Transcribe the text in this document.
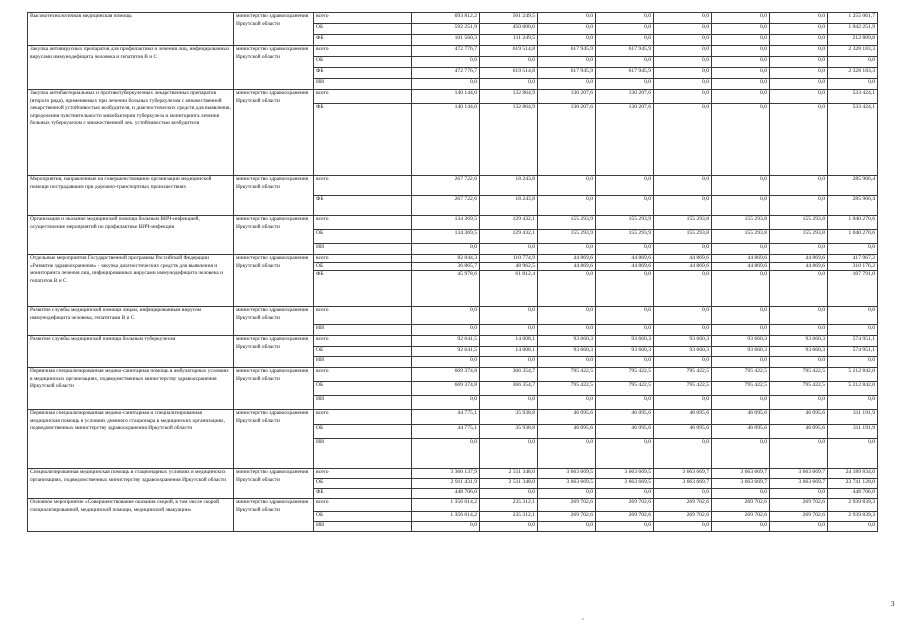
Высокотехнологичная медицинская помощь	министерство здравоохранения Иркутской области	всего	693 812,2	561 249,5	0,0	0,0	0,0	0,0	0,0	1 255 061,7
		ОБ	592 251,9	450 000,0	0,0	0,0	0,0	0,0	0,0	1 042 251,9
		ФБ	101 560,3	111 249,5	0,0	0,0	0,0	0,0	0,0	212 809,8
Закупка антивирусных препаратов для профилактики и лечения лиц, инфицированных вирусами иммунодефицита человека и гепатитов В и С	министерство здравоохранения Иркутской области	всего	472 776,7	619 514,8	617 945,9	617 945,9	0,0	0,0	0,0	2 328 183,3
		ОБ	0,0	0,0	0,0	0,0	0,0	0,0	0,0	0,0
		ФБ	472 776,7	619 514,8	617 945,9	617 945,9	0,0	0,0	0,0	2 328 183,3
		ИИ	0,0	0,0	0,0	0,0	0,0	0,0	0,0	0,0
Закупка антибактериальных и противотуберкулезных лекарственных препаратов (второго ряда), применяемых при лечении больных туберкулезом с множественной лекарственной устойчивостью возбудителя, и диагностических средств для выявления, определения чувствительности микобактерии туберкулеза и мониторинга лечения больных туберкулезом с множественной лек. устойчивостью возбудителя	министерство здравоохранения Иркутской области	всего	140 144,0	132 864,9	130 207,6	130 207,6	0,0	0,0	0,0	533 424,1
		ФБ	140 144,0	132 864,9	130 207,6	130 207,6	0,0	0,0	0,0	533 424,1
Мероприятия, направленные на совершенствование организации медицинской помощи пострадавшим при дорожно-транспортных происшествиях	министерство здравоохранения Иркутской области	всего	267 722,6	18 243,8	0,0	0,0	0,0	0,0	0,0	285 966,4
		ФБ	267 722,6	18 243,8	0,0	0,0	0,0	0,0	0,0	285 966,4
Организация и оказание медицинской помощи больным ВИЧ-инфекцией, осуществление мероприятий по профилактике ВИЧ-инфекции	министерство здравоохранения Иркутской области	всего	134 369,5	129 432,1	155 293,9	155 293,9	155 293,8	155 293,8	155 293,8	1 040 270,6
		ОБ	134 369,5	129 432,1	155 293,9	155 293,9	155 293,8	155 293,8	155 293,8	1 040 270,6
		ИИ	0,0	0,0	0,0	0,0	0,0	0,0	0,0	0,0
Отдельные мероприятия Государственной программы Российской Федерации «Развитие здравоохранения» - закупка диагностических средств для выявления и мониторинга лечения лиц, инфицированных вирусами иммунодефицита человека и гепатитов В и С	министерство здравоохранения Иркутской области	всего	82 844,3	110 774,9	44 869,6	44 869,6	44 869,6	44 869,6	44 869,6	417 967,2
		ОБ	36 865,7	48 962,5	44 869,6	44 869,6	44 869,6	44 869,6	44 869,6	310 176,2
		ФБ	45 978,6	61 812,4	0,0	0,0	0,0	0,0	0,0	107 791,0
Развитие службы медицинской помощи лицам, инфицированным вирусом иммунодефицита человека, гепатитами В и С	министерство здравоохранения Иркутской области	всего	0,0	0,0	0,0	0,0	0,0	0,0	0,0	0,0
		ИИ	0,0	0,0	0,0	0,0	0,0	0,0	0,0	0,0
Развитие службы медицинской помощи больным туберкулезом	министерство здравоохранения Иркутской области	всего	92 641,5	14 008,1	93 660,3	93 660,3	93 660,3	93 660,3	93 660,3	574 951,1
		ОБ	92 641,5	14 008,1	93 660,3	93 660,3	93 660,3	93 660,3	93 660,3	574 951,1
		ИИ	0,0	0,0	0,0	0,0	0,0	0,0	0,0	0,0
Первичная специализированная медико-санитарная помощь в амбулаторных условиях в медицинских организациях, подведомственных министерству здравоохранения Иркутской области	министерство здравоохранения Иркутской области	всего	669 374,8	366 354,7	795 422,5	795 422,5	795 422,5	795 422,5	795 422,5	5 212 842,0
		ОБ	669 374,8	366 354,7	795 422,5	795 422,5	795 422,5	795 422,5	795 422,5	5 212 842,0
		ИИ	0,0	0,0	0,0	0,0	0,0	0,0	0,0	0,0
Первичная специализированная медико-санитарная и специализированная медицинская помощь в условиях дневного стационара в медицинских организациях, подведомственных министерству здравоохранения Иркутской области	министерство здравоохранения Иркутской области	всего	44 775,1	35 938,8	46 095,6	46 095,6	46 095,6	46 095,6	46 095,6	311 191,9
		ОБ	44 775,1	35 938,8	46 095,6	46 095,6	46 095,6	46 095,6	46 095,6	311 191,9
		ИИ	0,0	0,0	0,0	0,0	0,0	0,0	0,0	0,0
Специализированная медицинская помощь в стационарных условиях в медицинских организациях, подведомственных министерству здравоохранения Иркутской области	министерство здравоохранения Иркутской области	всего	3 360 137,9	2 511 348,0	3 663 669,5	3 663 669,5	3 663 669,7	3 663 669,7	3 663 669,7	24 189 834,0
		ОБ	2 911 431,9	2 511 348,0	3 663 669,5	3 663 669,5	3 663 669,7	3 663 669,7	3 663 669,7	23 741 128,0
		ФБ	448 706,0	0,0	0,0	0,0	0,0	0,0	0,0	448 706,0
Основное мероприятие «Совершенствование оказания скорой, в том числе скорой специализированной, медицинской помощи, медицинской эвакуации»	министерство здравоохранения Иркутской области	всего	1 356 014,2	235 312,1	269 702,6	269 702,6	269 702,6	269 702,6	269 702,6	2 939 839,3
		ОБ	1 356 014,2	235 312,1	269 702,6	269 702,6	269 702,6	269 702,6	269 702,6	2 939 839,3
		ИИ	0,0	0,0	0,0	0,0	0,0	0,0	0,0	0,0
3
